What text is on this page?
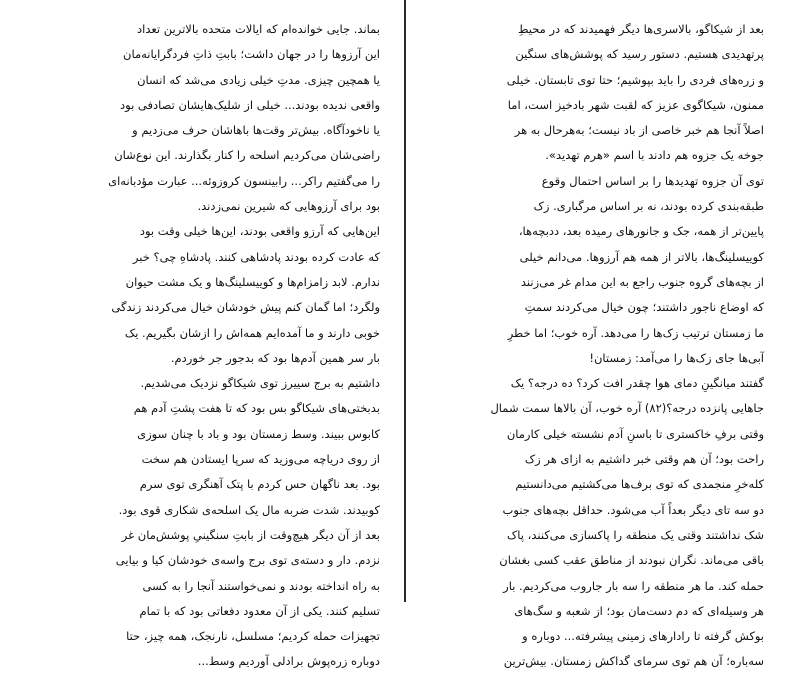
بماند. جایی خوانده‌ام که ایالات متحده بالاترین تعداد
این آرزوها را در جهان داشت؛ بابتِ ذاتِ فردگرایانه‌مان
یا همچین چیزی. مدتِ خیلی زیادی می‌شد که انسان
واقعی ندیده بودند... خیلی از شلیک‌هایشان تصادفی بود
یا ناخودآگاه. بیش‌تر وقت‌ها باهاشان حرف می‌زدیم و
راضی‌شان می‌کردیم اسلحه را کنار بگذارند. این نوع‌شان
را می‌گفتیم راکر... رابینسون کروزوئه... عبارت مؤدبانه‌ای
بود برای آرزوهایی که شیرین نمی‌زدند.
این‌هایی که آرزو واقعی بودند، این‌ها خیلی وقت بود
که عادت کرده بودند پادشاهی کنند. پادشاهِ چی؟ خبر
ندارم. لابد زامزام‌ها و کوییسلینگ‌ها و یک مشت حیوان
ولگرد؛ اما گمان کنم پیش خودشان خیال می‌کردند زندگی
خوبی دارند و ما آمده‌ایم همه‌اش را ازشان بگیریم. یک
بار سر همین آدم‌ها بود که بدجور جر خوردم.
داشتیم به برج سییرز توی شیکاگو نزدیک می‌شدیم.
بدبختی‌های شیکاگو بس بود که تا هفت پشتِ آدم هم
کابوس ببیند. وسط زمستان بود و باد با چنان سوزی
از روی دریاچه می‌وزید که سرپا ایستادن هم سخت
بود. بعد ناگهان حس کردم با پتک آهنگری توی سرم
کوبیدند. شدت ضربه مال یک اسلحه‌ی شکاری قوی بود.
بعد از آن دیگر هیچ‌وقت از بابتِ سنگینیِ پوشش‌مان غر
نزدم. دار و دسته‌ی توی برج واسه‌ی خودشان کیا و بیایی
به راه انداخته بودند و نمی‌خواستند آنجا را به کسی
تسلیم کنند. یکی از آن معدود دفعاتی بود که با تمام
تجهیزات حمله کردیم؛ مسلسل، نارنجک، همه چیز، حتا
دوباره زره‌پوش برادلی آوردیم وسط...
بعد از شیکاگو، بالاسری‌ها دیگر فهمیدند که در محیطِ
پرتهدیدی هستیم. دستور رسید که پوشش‌های سنگین
و زره‌های فردی را باید بپوشیم؛ حتا توی تابستان. خیلی
ممنون، شیکاگوی عزیز که لقبت شهر بادخیز است، اما
اصلاً آنجا هم خبر خاصی از باد نیست؛ به‌هرحال به هر
جوخه یک جزوه هم دادند با اسم «هرم تهدید».
توی آن جزوه تهدیدها را بر اساس احتمال وقوع
طبقه‌بندی کرده بودند، نه بر اساس مرگباری. زک
پایین‌تر از همه، جک و جانورهای رمیده بعد، ددبچه‌ها،
کوییسلینگ‌ها، بالاتر از همه هم آرزوها. می‌دانم خیلی
از بچه‌های گروه جنوب راجع به این مدام غر می‌زنند
که اوضاع ناجور داشتند؛ چون خیال می‌کردند سمتِ
ما زمستان ترتیب زک‌ها را می‌دهد. آره خوب؛ اما خطرِ
آبی‌ها جای زک‌ها را می‌آمد: زمستان!
گفتند میانگینِ دمای هوا چقدر افت کرد؟ ده درجه؟ یک
جاهایی پانزده درجه؟(۸۲) آره خوب، آن بالاها سمت شمال
وقتی برفِ خاکستری تا باسنِ آدم نشسته خیلی کارمان
راحت بود؛ آن هم وقتی خبر داشتیم به ازای هر زک
کله‌خرِ منجمدی که توی برف‌ها می‌کشتیم می‌دانستیم
دو سه تای دیگر بعداً آب می‌شود. حداقل بچه‌های جنوب
شک نداشتند وقتی یک منطقه را پاکسازی می‌کنند، پاک
باقی می‌ماند. نگران نبودند از مناطق عقب کسی بغشان
حمله کند. ما هر منطقه را سه بار جاروب می‌کردیم. بار
هر وسیله‌ای که دم دست‌مان بود؛ از شعبه و سگ‌های
بوکش گرفته تا رادارهای زمینی پیشرفته... دوباره و
سه‌باره؛ آن هم توی سرمای گداکش زمستان. بیش‌ترین
